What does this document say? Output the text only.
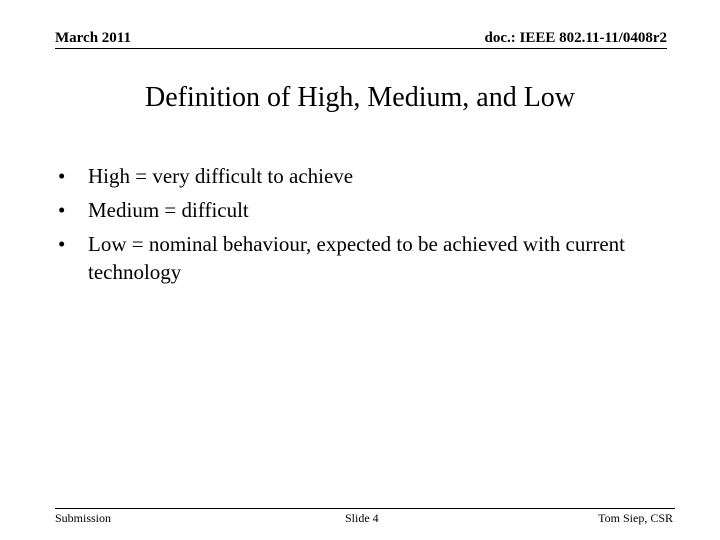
March 2011	doc.: IEEE 802.11-11/0408r2
Definition of High, Medium, and Low
• High = very difficult to achieve
• Medium = difficult
• Low = nominal behaviour, expected to be achieved with current technology
Submission	Slide 4	Tom Siep, CSR
